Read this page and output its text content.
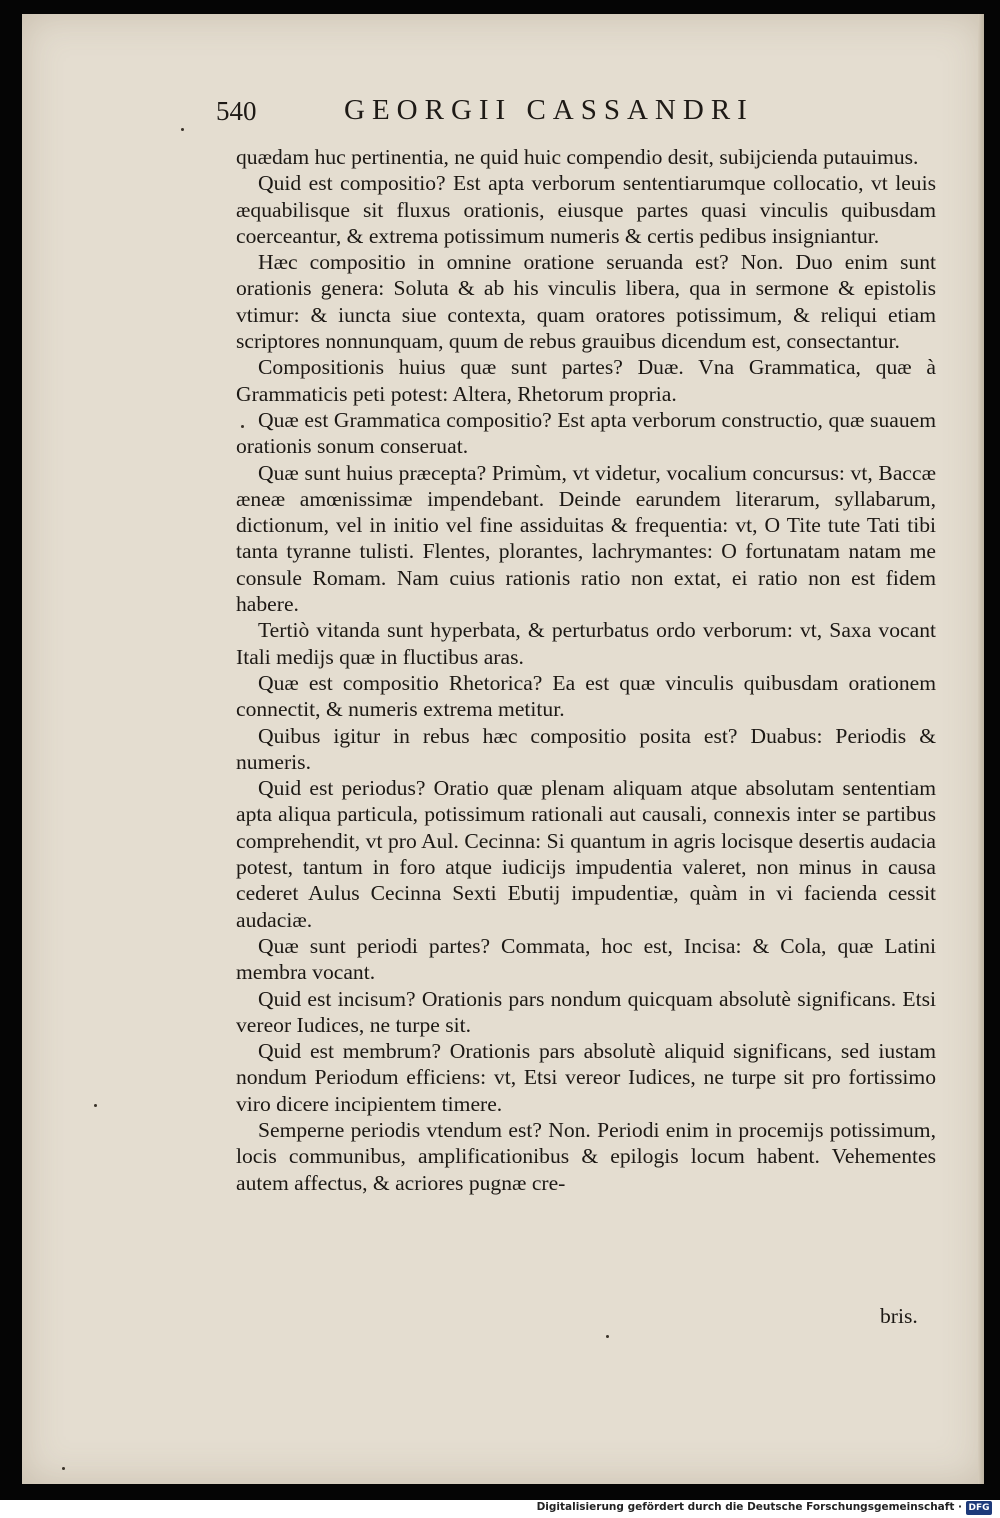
540	GEORGII CASSANDRI

quædam huc pertinentia, ne quid huic compendio desit, subijcienda putauimus.

Quid est compositio? Est apta verborum sententiarumque collocatio, vt leuis æquabilisque sit fluxus orationis, eiusque partes quasi vinculis quibusdam coerceantur, & extrema potissimum numeris & certis pedibus insigniantur.

Hæc compositio in omnine oratione seruanda est? Non. Duo enim sunt orationis genera: Soluta & ab his vinculis libera, qua in sermone & epistolis vtimur: & iuncta siue contexta, quam oratores potissimum, & reliqui etiam scriptores nonnunquam, quum de rebus grauibus dicendum est, consectantur.

Compositionis huius quæ sunt partes? Duæ. Vna Grammatica, quæ à Grammaticis peti potest: Altera, Rhetorum propria.

Quæ est Grammatica compositio? Est apta verborum constructio, quæ suauem orationis sonum conseruat.

Quæ sunt huius præcepta? Primùm, vt videtur, vocalium concursus: vt, Baccæ æneæ amœnissimæ impendebant. Deinde earundem literarum, syllabarum, dictionum, vel in initio vel fine assiduitas & frequentia: vt, O Tite tute Tati tibi tanta tyranne tulisti. Flentes, plorantes, lachrymantes: O fortunatam natam me consule Romam. Nam cuius rationis ratio non extat, ei ratio non est fidem habere.

Tertiò vitanda sunt hyperbata, & perturbatus ordo verborum: vt, Saxa vocant Itali medijs quæ in fluctibus aras.

Quæ est compositio Rhetorica? Ea est quæ vinculis quibusdam orationem connectit, & numeris extrema metitur.

Quibus igitur in rebus hæc compositio posita est? Duabus: Periodis & numeris.

Quid est periodus? Oratio quæ plenam aliquam atque absolutam sententiam apta aliqua particula, potissimum rationali aut causali, connexis inter se partibus comprehendit, vt pro Aul. Cecinna: Si quantum in agris locisque desertis audacia potest, tantum in foro atque iudicijs impudentia valeret, non minus in causa cederet Aulus Cecinna Sexti Ebutij impudentiæ, quàm in vi facienda cessit audaciæ.

Quæ sunt periodi partes? Commata, hoc est, Incisa: & Cola, quæ Latini membra vocant.

Quid est incisum? Orationis pars nondum quicquam absolutè significans. Etsi vereor Iudices, ne turpe sit.

Quid est membrum? Orationis pars absolutè aliquid significans, sed iustam nondum Periodum efficiens: vt, Etsi vereor Iudices, ne turpe sit pro fortissimo viro dicere incipientem timere.

Semperne periodis vtendum est? Non. Periodi enim in procemijs potissimum, locis communibus, amplificationibus & epilogis locum habent. Vehementes autem affectus, & acriores pugnæ cre-

bris.
Digitalisierung gefördert durch die Deutsche Forschungsgemeinschaft · DFG
